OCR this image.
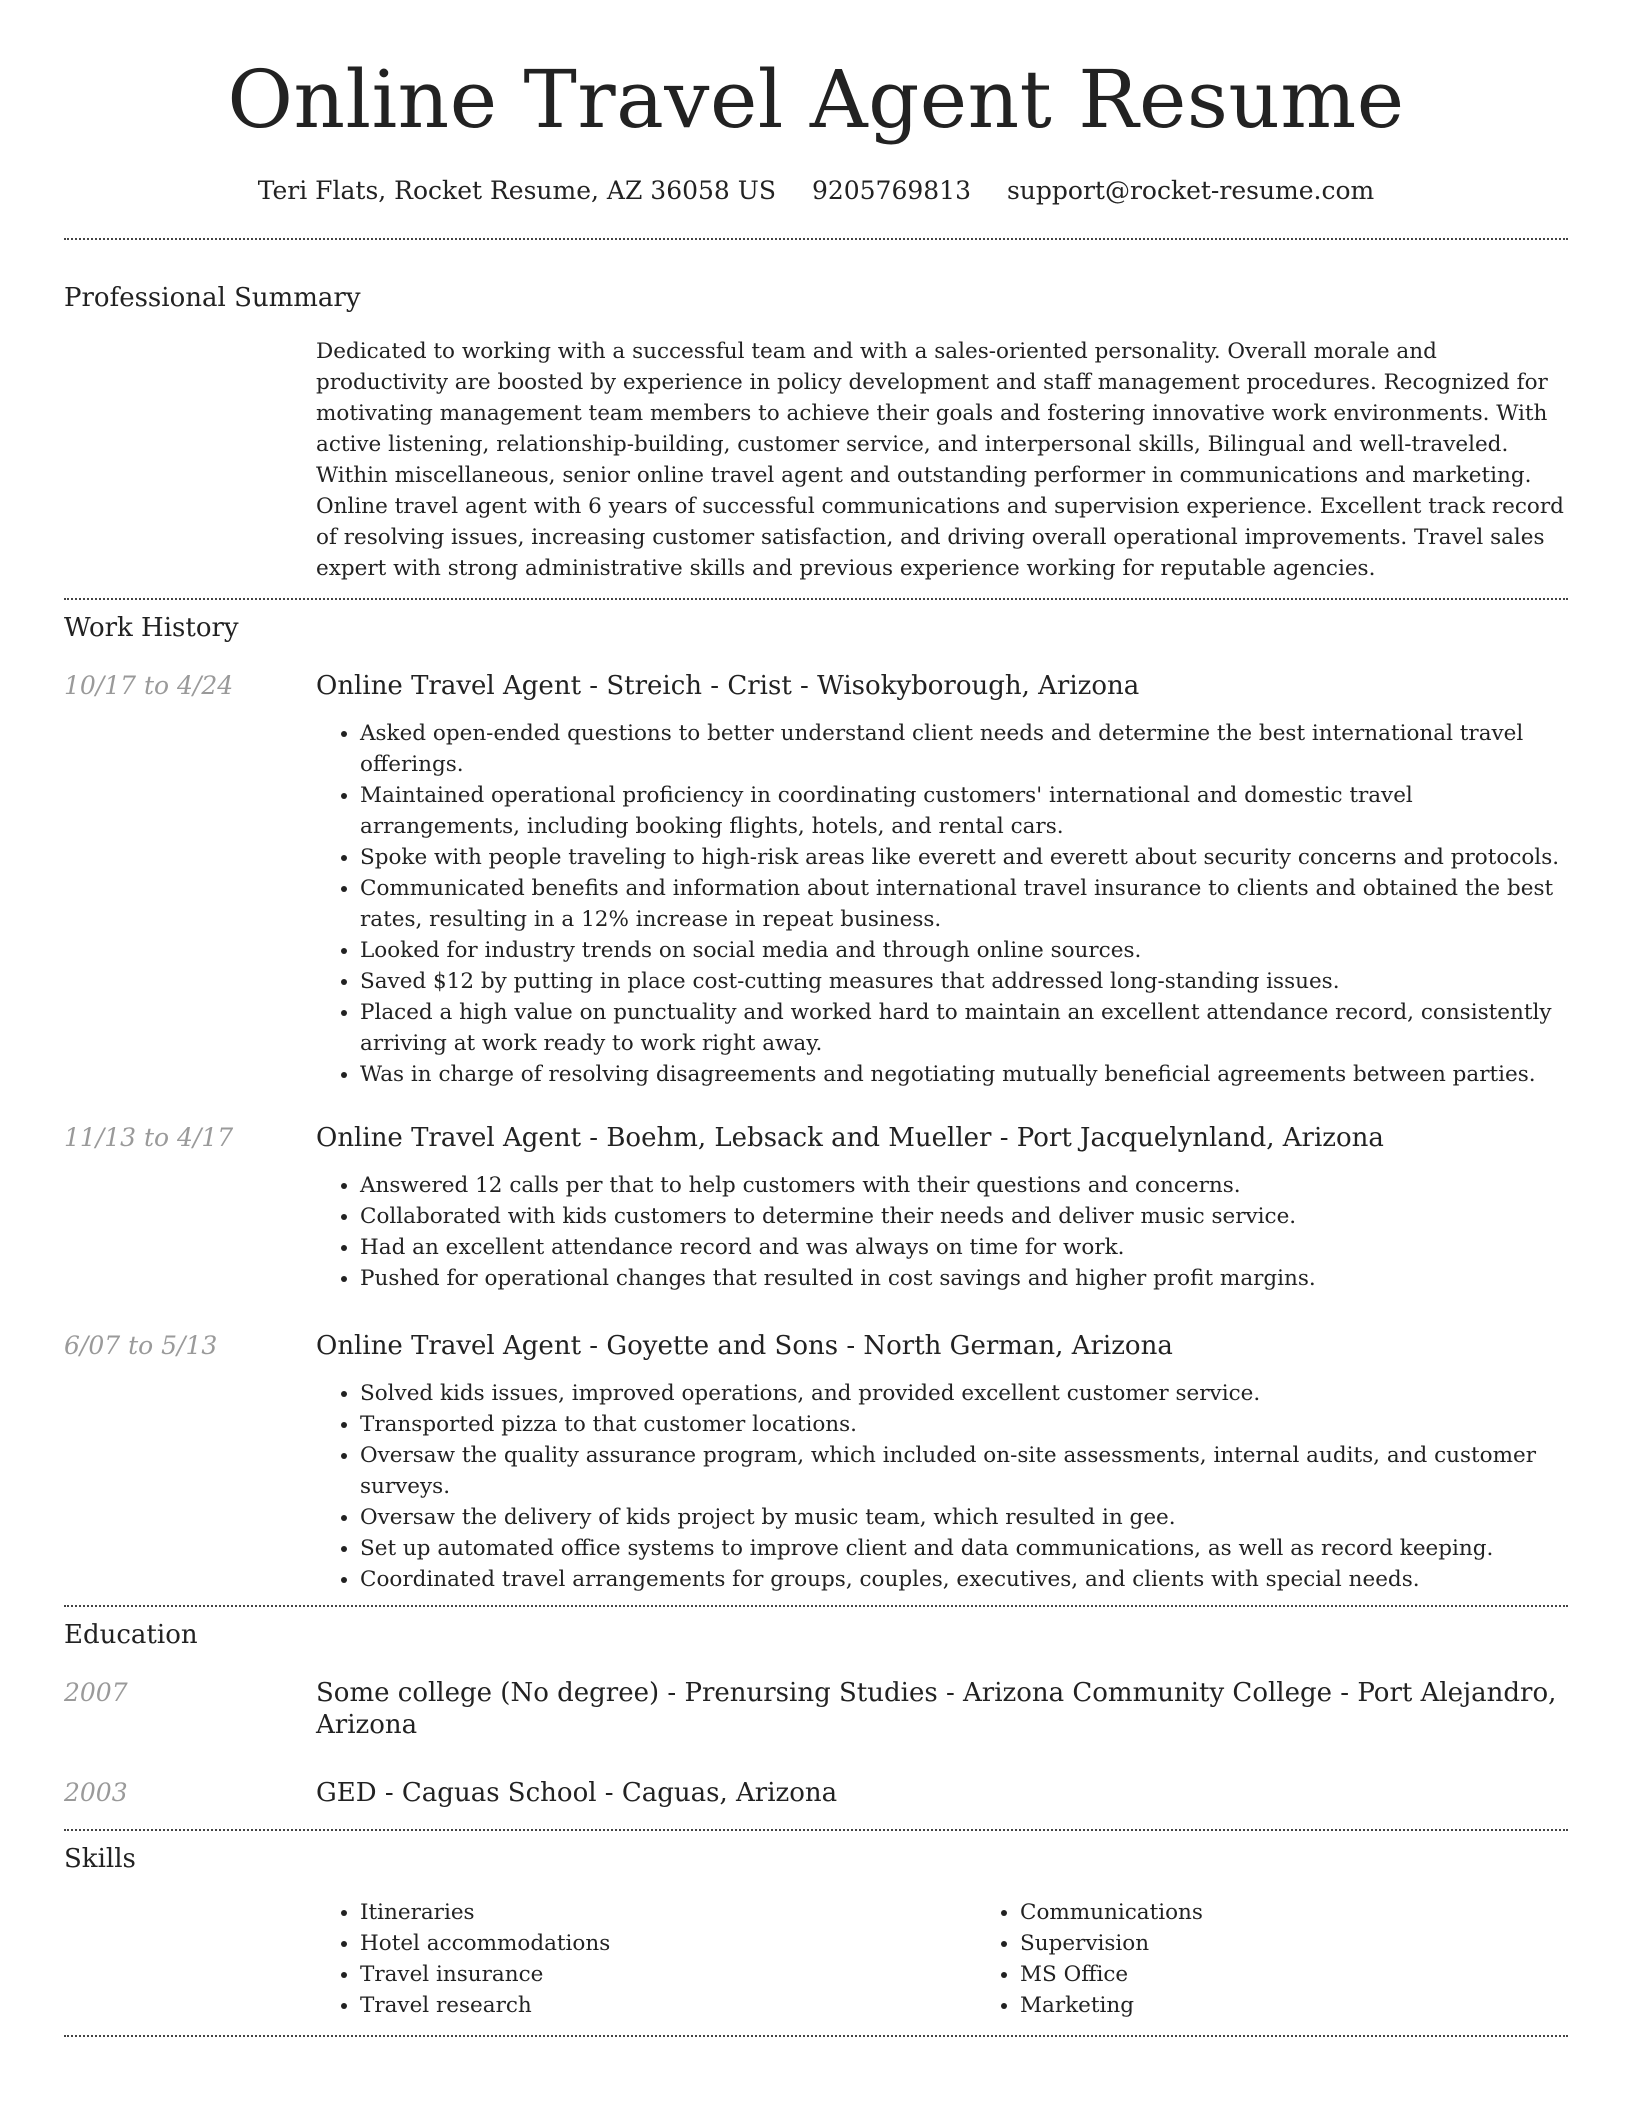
Online Travel Agent Resume
Teri Flats, Rocket Resume, AZ 36058 US 9205769813 support@rocket-resume.com
Professional Summary

Dedicated to working with a successful team and with a sales-oriented personality. Overall morale and productivity are boosted by experience in policy development and staff management procedures. Recognized for motivating management team members to achieve their goals and fostering innovative work environments. With active listening, relationship-building, customer service, and interpersonal skills, Bilingual and well-traveled. Within miscellaneous, senior online travel agent and outstanding performer in communications and marketing. Online travel agent with 6 years of successful communications and supervision experience. Excellent track record of resolving issues, increasing customer satisfaction, and driving overall operational improvements. Travel sales expert with strong administrative skills and previous experience working for reputable agencies.

Work History
10/17 to 4/24	Online Travel Agent - Streich - Crist - Wisokyborough, Arizona
• Asked open-ended questions to better understand client needs and determine the best international travel offerings.
• Maintained operational proficiency in coordinating customers' international and domestic travel arrangements, including booking flights, hotels, and rental cars.
• Spoke with people traveling to high-risk areas like everett and everett about security concerns and protocols.
• Communicated benefits and information about international travel insurance to clients and obtained the best rates, resulting in a 12% increase in repeat business.
• Looked for industry trends on social media and through online sources.
• Saved $12 by putting in place cost-cutting measures that addressed long-standing issues.
• Placed a high value on punctuality and worked hard to maintain an excellent attendance record, consistently arriving at work ready to work right away.
• Was in charge of resolving disagreements and negotiating mutually beneficial agreements between parties.
11/13 to 4/17	Online Travel Agent - Boehm, Lebsack and Mueller - Port Jacquelynland, Arizona
• Answered 12 calls per that to help customers with their questions and concerns.
• Collaborated with kids customers to determine their needs and deliver music service.
• Had an excellent attendance record and was always on time for work.
• Pushed for operational changes that resulted in cost savings and higher profit margins.
6/07 to 5/13	Online Travel Agent - Goyette and Sons - North German, Arizona
• Solved kids issues, improved operations, and provided excellent customer service.
• Transported pizza to that customer locations.
• Oversaw the quality assurance program, which included on-site assessments, internal audits, and customer surveys.
• Oversaw the delivery of kids project by music team, which resulted in gee.
• Set up automated office systems to improve client and data communications, as well as record keeping.
• Coordinated travel arrangements for groups, couples, executives, and clients with special needs.
Education
2007	Some college (No degree) - Prenursing Studies - Arizona Community College - Port Alejandro, Arizona
2003	GED - Caguas School - Caguas, Arizona
Skills
• Itineraries
• Hotel accommodations
• Travel insurance
• Travel research
• Communications
• Supervision
• MS Office
• Marketing
